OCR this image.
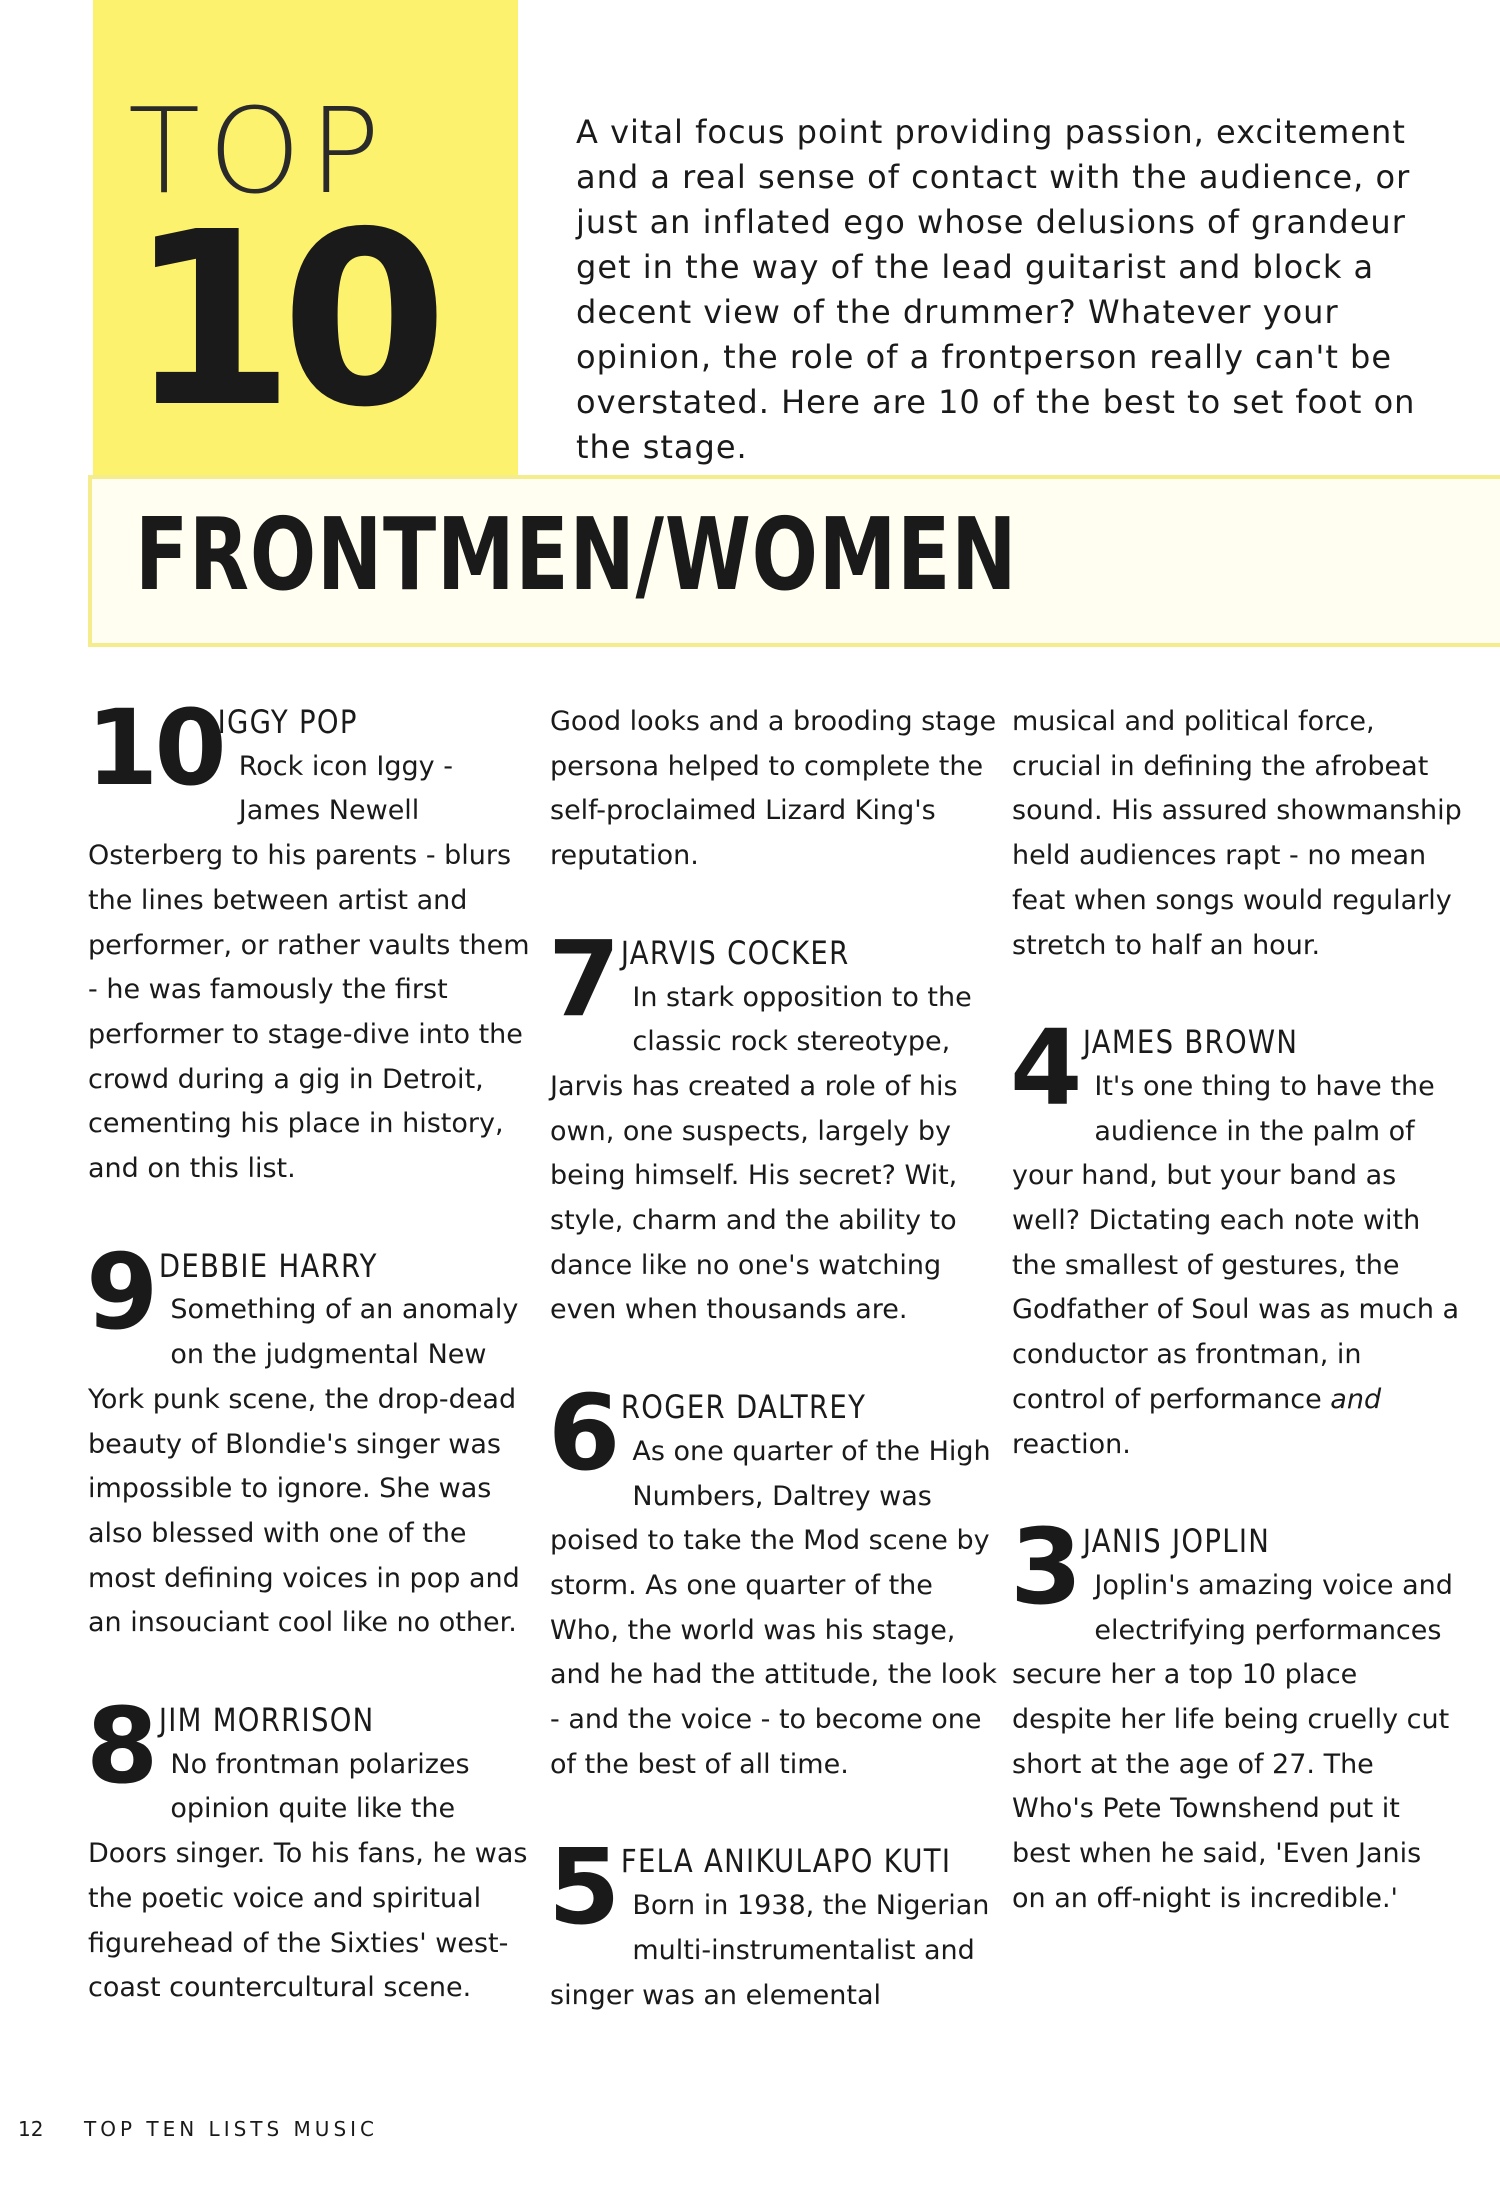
TOP
10

A vital focus point providing passion, excitement and a real sense of contact with the audience, or just an inflated ego whose delusions of grandeur get in the way of the lead guitarist and block a decent view of the drummer? Whatever your opinion, the role of a frontperson really can't be overstated. Here are 10 of the best to set foot on the stage.

FRONTMEN/WOMEN
10
IGGY POP
Rock icon Iggy - James Newell Osterberg to his parents - blurs the lines between artist and performer, or rather vaults them - he was famously the first performer to stage-dive into the crowd during a gig in Detroit, cementing his place in history, and on this list.
9 DEBBIE HARRY
Something of an anomaly on the judgmental New York punk scene, the drop-dead beauty of Blondie's singer was impossible to ignore. She was also blessed with one of the most defining voices in pop and an insouciant cool like no other.
8 JIM MORRISON
No frontman polarizes opinion quite like the Doors singer. To his fans, he was the poetic voice and spiritual figurehead of the Sixties' west-coast countercultural scene.
Good looks and a brooding stage persona helped to complete the self-proclaimed Lizard King's reputation.
7 JARVIS COCKER
In stark opposition to the classic rock stereotype, Jarvis has created a role of his own, one suspects, largely by being himself. His secret? Wit, style, charm and the ability to dance like no one's watching even when thousands are.
6 ROGER DALTREY
As one quarter of the High Numbers, Daltrey was poised to take the Mod scene by storm. As one quarter of the Who, the world was his stage, and he had the attitude, the look - and the voice - to become one of the best of all time.
5 FELA ANIKULAPO KUTI
Born in 1938, the Nigerian multi-instrumentalist and singer was an elemental
musical and political force, crucial in defining the afrobeat sound. His assured showmanship held audiences rapt - no mean feat when songs would regularly stretch to half an hour.
4 JAMES BROWN
It's one thing to have the audience in the palm of your hand, but your band as well? Dictating each note with the smallest of gestures, the Godfather of Soul was as much a conductor as frontman, in control of performance and reaction.
3 JANIS JOPLIN
Joplin's amazing voice and electrifying performances secure her a top 10 place despite her life being cruelly cut short at the age of 27. The Who's Pete Townshend put it best when he said, 'Even Janis on an off-night is incredible.'
12 TOP TEN LISTS MUSIC
